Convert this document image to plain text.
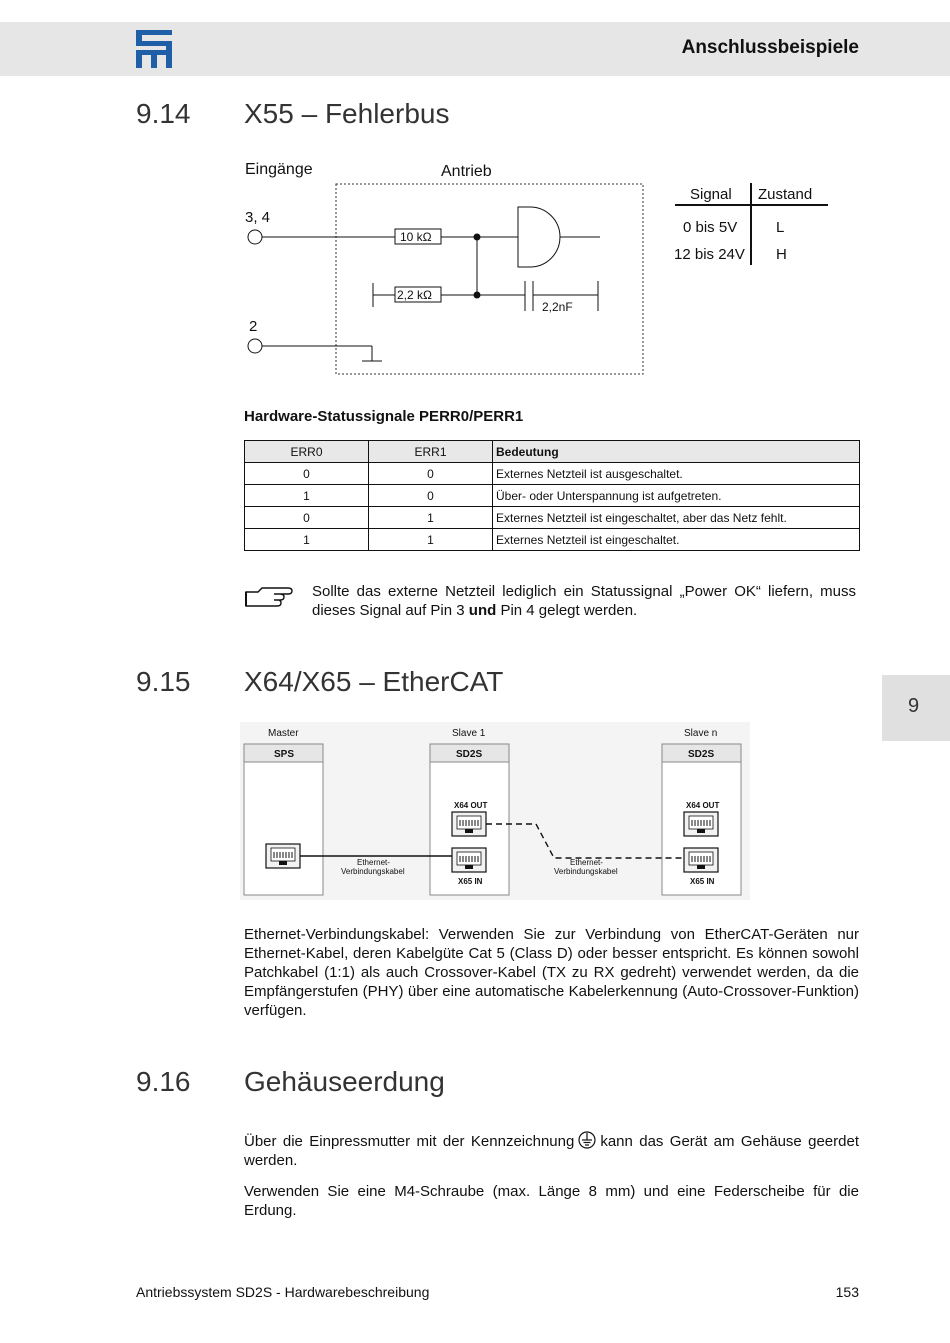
Anschlussbeispiele
9
9.14 X55 – Fehlerbus
Eingänge	Antrieb
3, 4
10 kΩ
2,2 kΩ
2,2nF
2
Signal Zustand
0 bis 5V	L
12 bis 24V H
Hardware-Statussignale PERR0/PERR1
ERR0	ERR1	Bedeutung
0	0	Externes Netzteil ist ausgeschaltet.
1	0	Über- oder Unterspannung ist aufgetreten.
0	1	Externes Netzteil ist eingeschaltet, aber das Netz fehlt.
1	1	Externes Netzteil ist eingeschaltet.
Sollte das externe Netzteil lediglich ein Statussignal „Power OK“ liefern, muss dieses Signal auf Pin 3 und Pin 4 gelegt werden.
9.15 X64/X65 – EtherCAT
Master	Slave 1	Slave n
SPS	SD2S
X64 OUT
X65 IN
SD2S
X64 OUT
X65 IN
Ethernet-
Verbindungskabel
Ethernet-
Verbindungskabel
Ethernet-Verbindungskabel: Verwenden Sie zur Verbindung von EtherCAT-Geräten nur Ethernet-Kabel, deren Kabelgüte Cat 5 (Class D) oder besser entspricht. Es können sowohl Patchkabel (1:1) als auch Crossover-Kabel (TX zu RX gedreht) verwendet werden, da die Empfängerstufen (PHY) über eine automatische Kabelerkennung (Auto-Crossover-Funktion) verfügen.
9.16 Gehäuseerdung
Über die Einpressmutter mit der Kennzeichnung kann das Gerät am Gehäuse geerdet werden.
Verwenden Sie eine M4-Schraube (max. Länge 8 mm) und eine Federscheibe für die Erdung.
Antriebssystem SD2S - Hardwarebeschreibung	153
